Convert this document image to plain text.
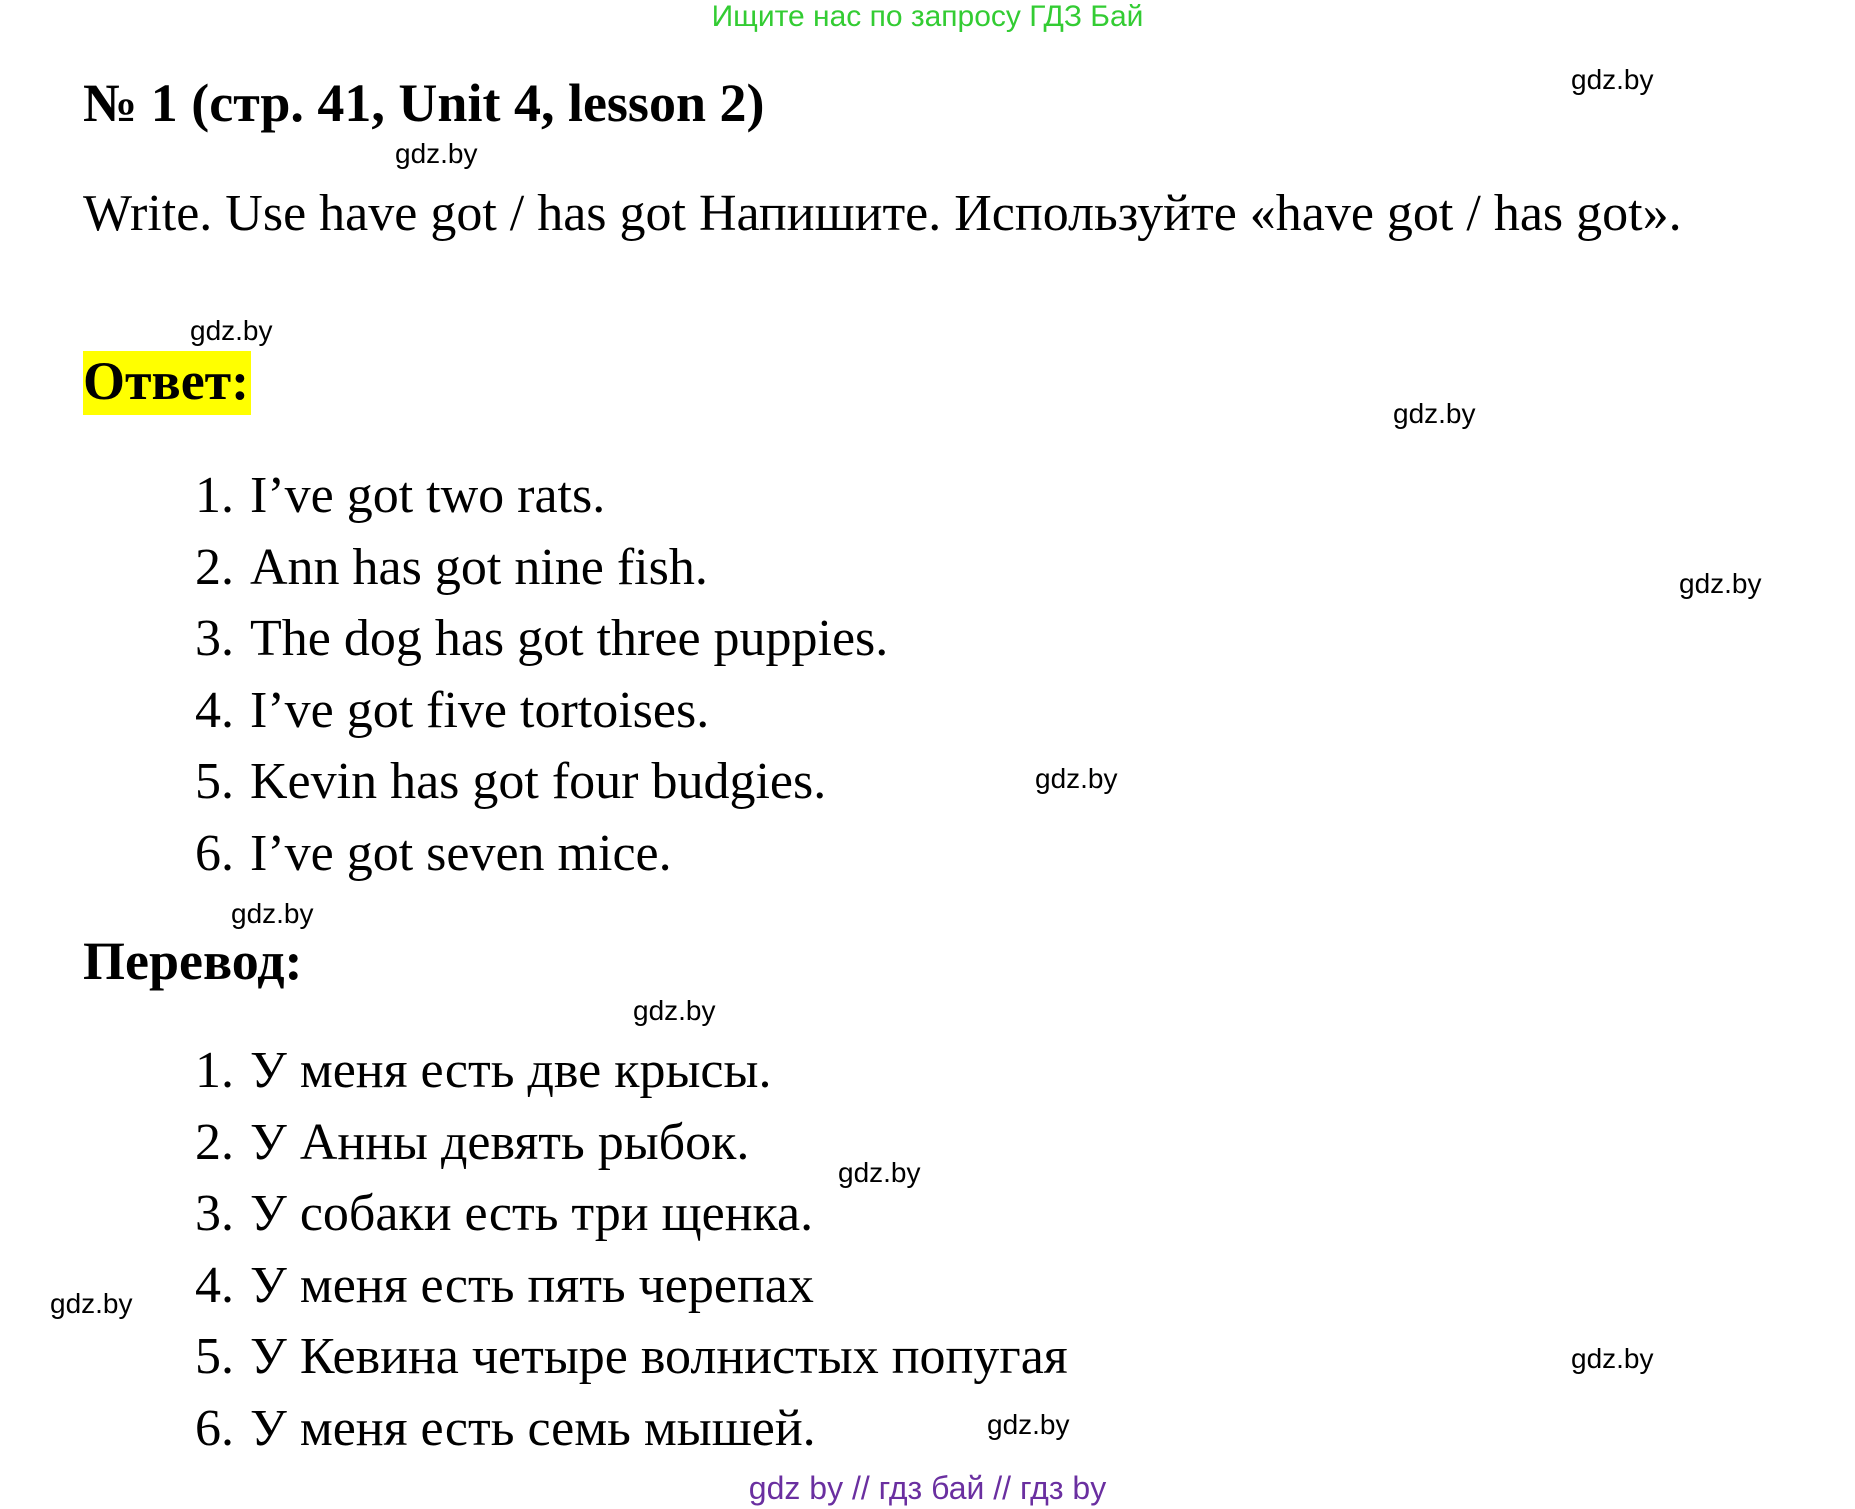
Ищите нас по запросу ГДЗ Бай
№ 1 (стр. 41, Unit 4, lesson 2)
Write. Use have got / has got Напишите. Используйте «have got / has got».
Ответ:
1. I’ve got two rats.
2. Ann has got nine fish.
3. The dog has got three puppies.
4. I’ve got five tortoises.
5. Kevin has got four budgies.
6. I’ve got seven mice.
Перевод:
1. У меня есть две крысы.
2. У Анны девять рыбок.
3. У собаки есть три щенка.
4. У меня есть пять черепах
5. У Кевина четыре волнистых попугая
6. У меня есть семь мышей.
gdz.by
gdz.by
gdz.by
gdz.by
gdz.by
gdz.by
gdz.by
gdz.by
gdz.by
gdz.by
gdz.by
gdz.by
gdz by // гдз бай // гдз by
